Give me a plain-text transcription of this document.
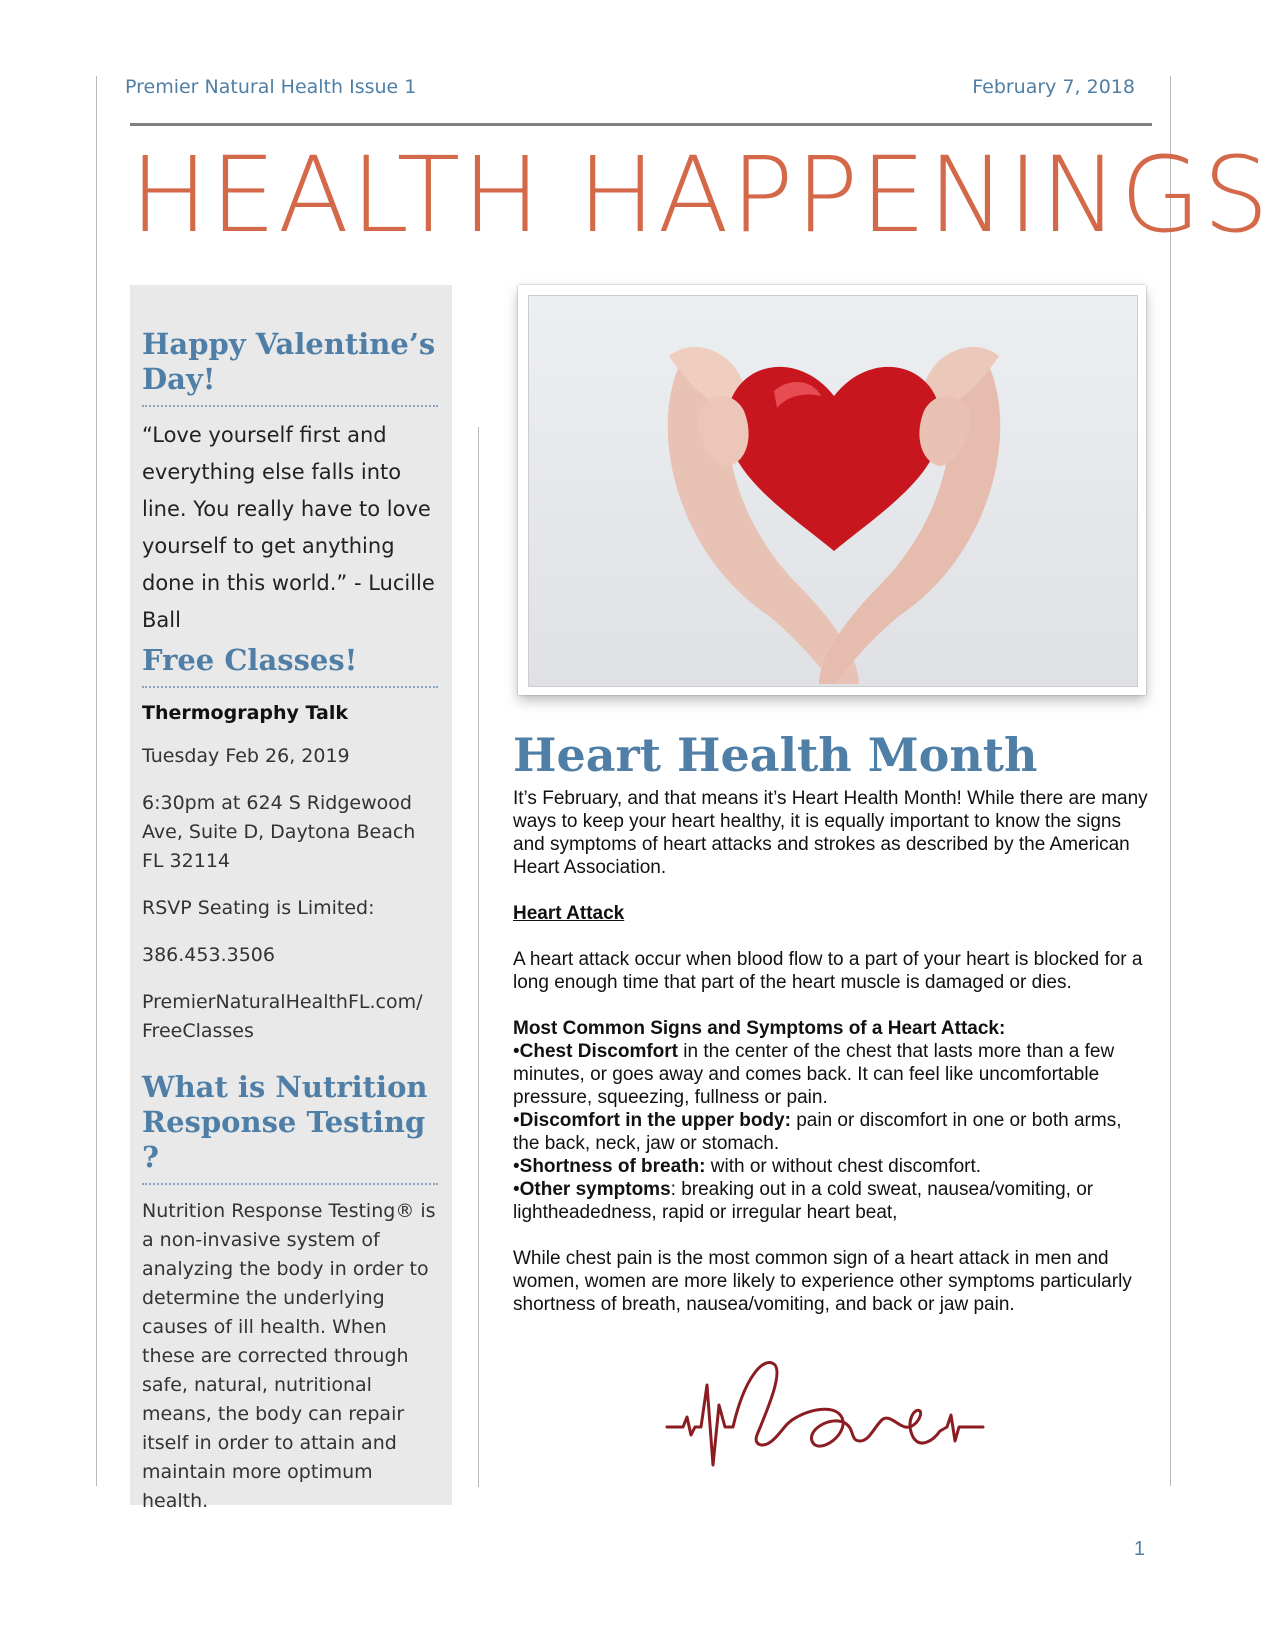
Premier Natural Health Issue 1	February 7, 2018
HEALTH HAPPENINGS
Happy Valentine’s Day!

“Love yourself first and everything else falls into line. You really have to love yourself to get anything done in this world.” - Lucille Ball

Free Classes!
Thermography Talk

Tuesday Feb 26, 2019

6:30pm at 624 S Ridgewood Ave, Suite D, Daytona Beach FL 32114

RSVP Seating is Limited:

386.453.3506

PremierNaturalHealthFL.com/ FreeClasses

What is Nutrition Response Testing ?

Nutrition Response Testing® is a non-invasive system of analyzing the body in order to determine the underlying causes of ill health. When these are corrected through safe, natural, nutritional means, the body can repair itself in order to attain and maintain more optimum health.

Heart Health Month

It’s February, and that means it’s Heart Health Month! While there are many ways to keep your heart healthy, it is equally important to know the signs and symptoms of heart attacks and strokes as described by the American Heart Association.

Heart Attack

A heart attack occur when blood flow to a part of your heart is blocked for a long enough time that part of the heart muscle is damaged or dies.

Most Common Signs and Symptoms of a Heart Attack:

•Chest Discomfort in the center of the chest that lasts more than a few minutes, or goes away and comes back. It can feel like uncomfortable pressure, squeezing, fullness or pain.
•Discomfort in the upper body: pain or discomfort in one or both arms, the back, neck, jaw or stomach.
•Shortness of breath: with or without chest discomfort.
•Other symptoms: breaking out in a cold sweat, nausea/vomiting, or lightheadedness, rapid or irregular heart beat,

While chest pain is the most common sign of a heart attack in men and women, women are more likely to experience other symptoms particularly shortness of breath, nausea/vomiting, and back or jaw pain.

1
